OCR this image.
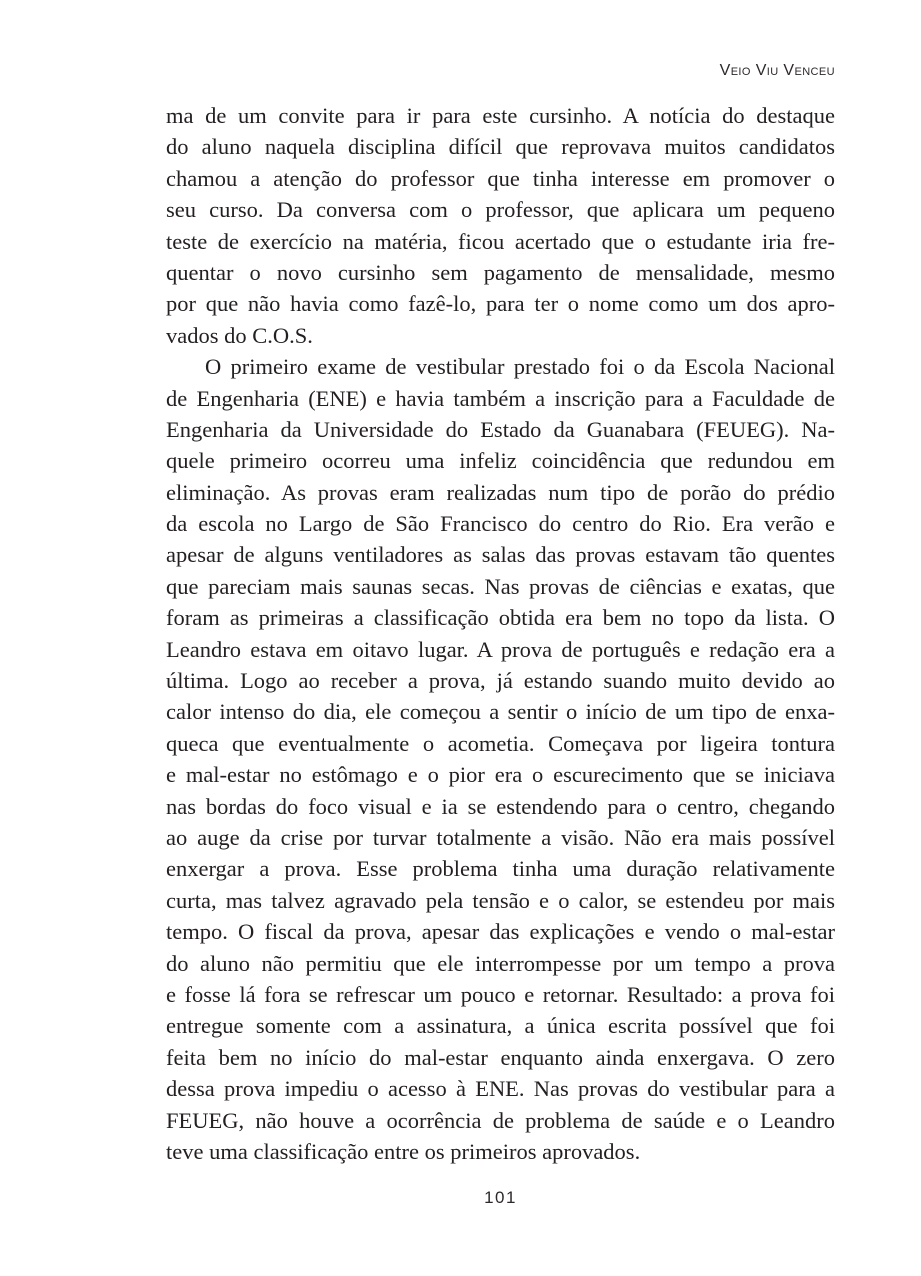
Veio Viu Venceu
ma de um convite para ir para este cursinho. A notícia do destaque
do aluno naquela disciplina difícil que reprovava muitos candidatos
chamou a atenção do professor que tinha interesse em promover o
seu curso. Da conversa com o professor, que aplicara um pequeno
teste de exercício na matéria, ficou acertado que o estudante iria fre-
quentar o novo cursinho sem pagamento de mensalidade, mesmo
por que não havia como fazê-lo, para ter o nome como um dos apro-
vados do C.O.S.
O primeiro exame de vestibular prestado foi o da Escola Nacional
de Engenharia (ENE) e havia também a inscrição para a Faculdade de
Engenharia da Universidade do Estado da Guanabara (FEUEG). Na-
quele primeiro ocorreu uma infeliz coincidência que redundou em
eliminação. As provas eram realizadas num tipo de porão do prédio
da escola no Largo de São Francisco do centro do Rio. Era verão e
apesar de alguns ventiladores as salas das provas estavam tão quentes
que pareciam mais saunas secas. Nas provas de ciências e exatas, que
foram as primeiras a classificação obtida era bem no topo da lista. O
Leandro estava em oitavo lugar. A prova de português e redação era a
última. Logo ao receber a prova, já estando suando muito devido ao
calor intenso do dia, ele começou a sentir o início de um tipo de enxa-
queca que eventualmente o acometia. Começava por ligeira tontura
e mal-estar no estômago e o pior era o escurecimento que se iniciava
nas bordas do foco visual e ia se estendendo para o centro, chegando
ao auge da crise por turvar totalmente a visão. Não era mais possível
enxergar a prova. Esse problema tinha uma duração relativamente
curta, mas talvez agravado pela tensão e o calor, se estendeu por mais
tempo. O fiscal da prova, apesar das explicações e vendo o mal-estar
do aluno não permitiu que ele interrompesse por um tempo a prova
e fosse lá fora se refrescar um pouco e retornar. Resultado: a prova foi
entregue somente com a assinatura, a única escrita possível que foi
feita bem no início do mal-estar enquanto ainda enxergava. O zero
dessa prova impediu o acesso à ENE. Nas provas do vestibular para a
FEUEG, não houve a ocorrência de problema de saúde e o Leandro
teve uma classificação entre os primeiros aprovados.
101
